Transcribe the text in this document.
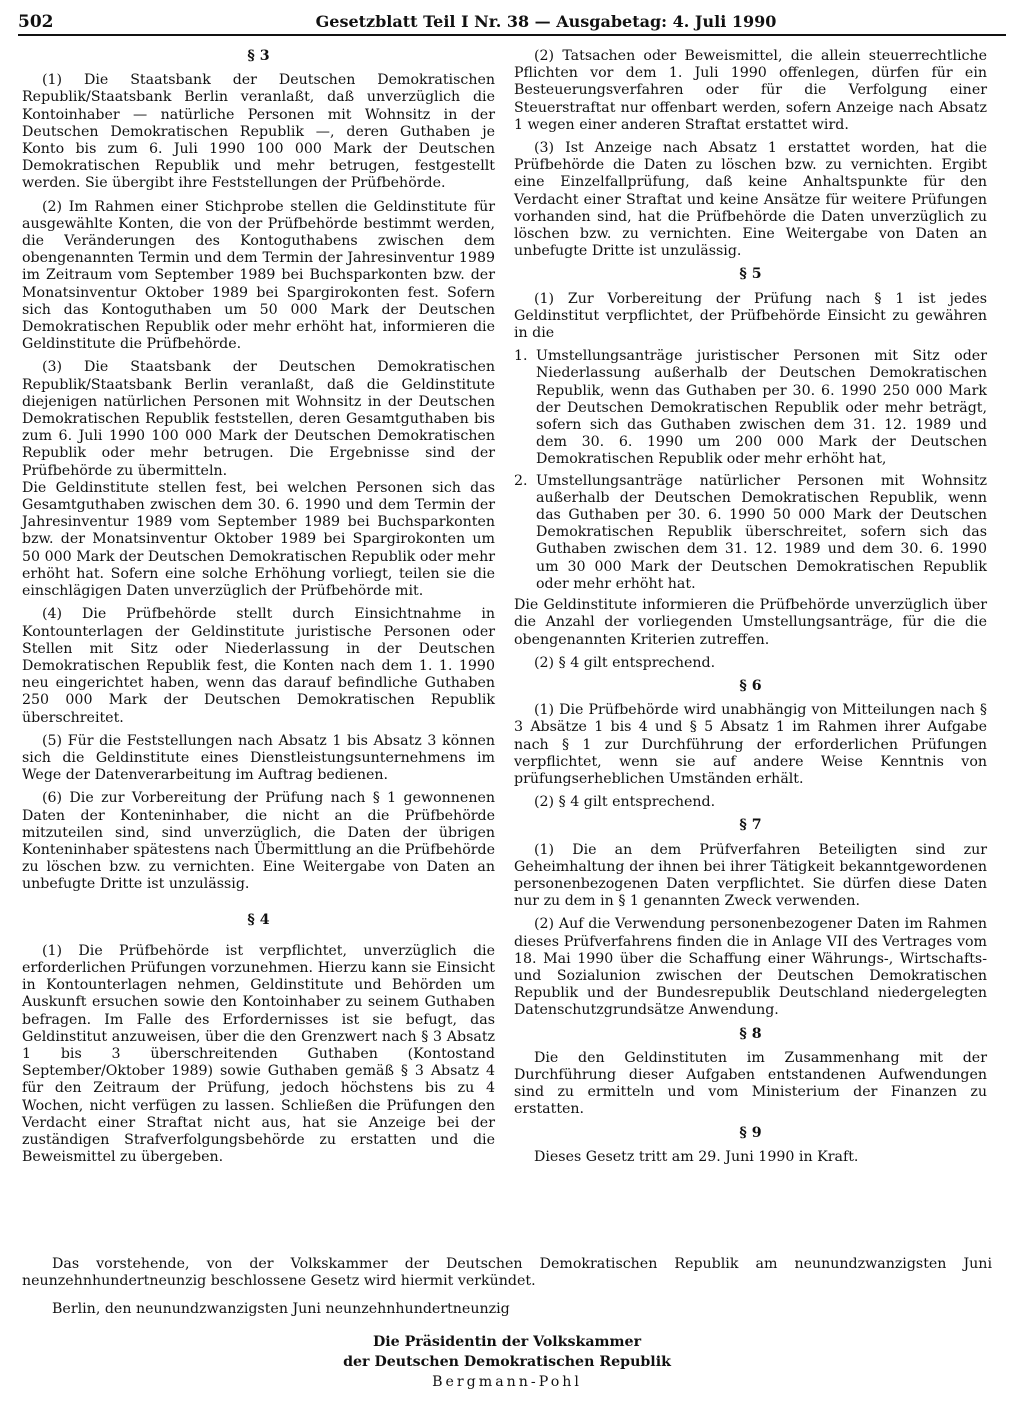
502	Gesetzblatt Teil I Nr. 38 — Ausgabetag: 4. Juli 1990
§ 3

(1) Die Staatsbank der Deutschen Demokratischen Republik/Staatsbank Berlin veranlaßt, daß unverzüglich die Kontoinhaber — natürliche Personen mit Wohnsitz in der Deutschen Demokratischen Republik —, deren Guthaben je Konto bis zum 6. Juli 1990 100 000 Mark der Deutschen Demokratischen Republik und mehr betrugen, festgestellt werden. Sie übergibt ihre Feststellungen der Prüfbehörde.

(2) Im Rahmen einer Stichprobe stellen die Geldinstitute für ausgewählte Konten, die von der Prüfbehörde bestimmt werden, die Veränderungen des Kontoguthabens zwischen dem obengenannten Termin und dem Termin der Jahresinventur 1989 im Zeitraum vom September 1989 bei Buchsparkonten bzw. der Monatsinventur Oktober 1989 bei Spargirokonten fest. Sofern sich das Kontoguthaben um 50 000 Mark der Deutschen Demokratischen Republik oder mehr erhöht hat, informieren die Geldinstitute die Prüfbehörde.

(3) Die Staatsbank der Deutschen Demokratischen Republik/Staatsbank Berlin veranlaßt, daß die Geldinstitute diejenigen natürlichen Personen mit Wohnsitz in der Deutschen Demokratischen Republik feststellen, deren Gesamtguthaben bis zum 6. Juli 1990 100 000 Mark der Deutschen Demokratischen Republik oder mehr betrugen. Die Ergebnisse sind der Prüfbehörde zu übermitteln.

Die Geldinstitute stellen fest, bei welchen Personen sich das Gesamtguthaben zwischen dem 30. 6. 1990 und dem Termin der Jahresinventur 1989 vom September 1989 bei Buchsparkonten bzw. der Monatsinventur Oktober 1989 bei Spargirokonten um 50 000 Mark der Deutschen Demokratischen Republik oder mehr erhöht hat. Sofern eine solche Erhöhung vorliegt, teilen sie die einschlägigen Daten unverzüglich der Prüfbehörde mit.

(4) Die Prüfbehörde stellt durch Einsichtnahme in Kontounterlagen der Geldinstitute juristische Personen oder Stellen mit Sitz oder Niederlassung in der Deutschen Demokratischen Republik fest, die Konten nach dem 1. 1. 1990 neu eingerichtet haben, wenn das darauf befindliche Guthaben 250 000 Mark der Deutschen Demokratischen Republik überschreitet.

(5) Für die Feststellungen nach Absatz 1 bis Absatz 3 können sich die Geldinstitute eines Dienstleistungsunternehmens im Wege der Datenverarbeitung im Auftrag bedienen.

(6) Die zur Vorbereitung der Prüfung nach § 1 gewonnenen Daten der Konteninhaber, die nicht an die Prüfbehörde mitzuteilen sind, sind unverzüglich, die Daten der übrigen Konteninhaber spätestens nach Übermittlung an die Prüfbehörde zu löschen bzw. zu vernichten. Eine Weitergabe von Daten an unbefugte Dritte ist unzulässig.

§ 4

(1) Die Prüfbehörde ist verpflichtet, unverzüglich die erforderlichen Prüfungen vorzunehmen. Hierzu kann sie Einsicht in Kontounterlagen nehmen, Geldinstitute und Behörden um Auskunft ersuchen sowie den Kontoinhaber zu seinem Guthaben befragen. Im Falle des Erfordernisses ist sie befugt, das Geldinstitut anzuweisen, über die den Grenzwert nach § 3 Absatz 1 bis 3 überschreitenden Guthaben (Kontostand September/Oktober 1989) sowie Guthaben gemäß § 3 Absatz 4 für den Zeitraum der Prüfung, jedoch höchstens bis zu 4 Wochen, nicht verfügen zu lassen. Schließen die Prüfungen den Verdacht einer Straftat nicht aus, hat sie Anzeige bei der zuständigen Strafverfolgungsbehörde zu erstatten und die Beweismittel zu übergeben.

(2) Tatsachen oder Beweismittel, die allein steuerrechtliche Pflichten vor dem 1. Juli 1990 offenlegen, dürfen für ein Besteuerungsverfahren oder für die Verfolgung einer Steuerstraftat nur offenbart werden, sofern Anzeige nach Absatz 1 wegen einer anderen Straftat erstattet wird.

(3) Ist Anzeige nach Absatz 1 erstattet worden, hat die Prüfbehörde die Daten zu löschen bzw. zu vernichten. Ergibt eine Einzelfallprüfung, daß keine Anhaltspunkte für den Verdacht einer Straftat und keine Ansätze für weitere Prüfungen vorhanden sind, hat die Prüfbehörde die Daten unverzüglich zu löschen bzw. zu vernichten. Eine Weitergabe von Daten an unbefugte Dritte ist unzulässig.

§ 5

(1) Zur Vorbereitung der Prüfung nach § 1 ist jedes Geldinstitut verpflichtet, der Prüfbehörde Einsicht zu gewähren in die

1. Umstellungsanträge juristischer Personen mit Sitz oder Niederlassung außerhalb der Deutschen Demokratischen Republik, wenn das Guthaben per 30. 6. 1990 250 000 Mark der Deutschen Demokratischen Republik oder mehr beträgt, sofern sich das Guthaben zwischen dem 31. 12. 1989 und dem 30. 6. 1990 um 200 000 Mark der Deutschen Demokratischen Republik oder mehr erhöht hat,
2. Umstellungsanträge natürlicher Personen mit Wohnsitz außerhalb der Deutschen Demokratischen Republik, wenn das Guthaben per 30. 6. 1990 50 000 Mark der Deutschen Demokratischen Republik überschreitet, sofern sich das Guthaben zwischen dem 31. 12. 1989 und dem 30. 6. 1990 um 30 000 Mark der Deutschen Demokratischen Republik oder mehr erhöht hat.

Die Geldinstitute informieren die Prüfbehörde unverzüglich über die Anzahl der vorliegenden Umstellungsanträge, für die die obengenannten Kriterien zutreffen.

(2) § 4 gilt entsprechend.

§ 6

(1) Die Prüfbehörde wird unabhängig von Mitteilungen nach § 3 Absätze 1 bis 4 und § 5 Absatz 1 im Rahmen ihrer Aufgabe nach § 1 zur Durchführung der erforderlichen Prüfungen verpflichtet, wenn sie auf andere Weise Kenntnis von prüfungserheblichen Umständen erhält.

(2) § 4 gilt entsprechend.

§ 7

(1) Die an dem Prüfverfahren Beteiligten sind zur Geheimhaltung der ihnen bei ihrer Tätigkeit bekanntgewordenen personenbezogenen Daten verpflichtet. Sie dürfen diese Daten nur zu dem in § 1 genannten Zweck verwenden.

(2) Auf die Verwendung personenbezogener Daten im Rahmen dieses Prüfverfahrens finden die in Anlage VII des Vertrages vom 18. Mai 1990 über die Schaffung einer Währungs-, Wirtschafts- und Sozialunion zwischen der Deutschen Demokratischen Republik und der Bundesrepublik Deutschland niedergelegten Datenschutzgrundsätze Anwendung.

§ 8

Die den Geldinstituten im Zusammenhang mit der Durchführung dieser Aufgaben entstandenen Aufwendungen sind zu ermitteln und vom Ministerium der Finanzen zu erstatten.

§ 9

Dieses Gesetz tritt am 29. Juni 1990 in Kraft.

Das vorstehende, von der Volkskammer der Deutschen Demokratischen Republik am neunundzwanzigsten Juni neunzehnhundertneunzig beschlossene Gesetz wird hiermit verkündet.

Berlin, den neunundzwanzigsten Juni neunzehnhundertneunzig

Die Präsidentin der Volkskammer

der Deutschen Demokratischen Republik

Bergmann-Pohl
